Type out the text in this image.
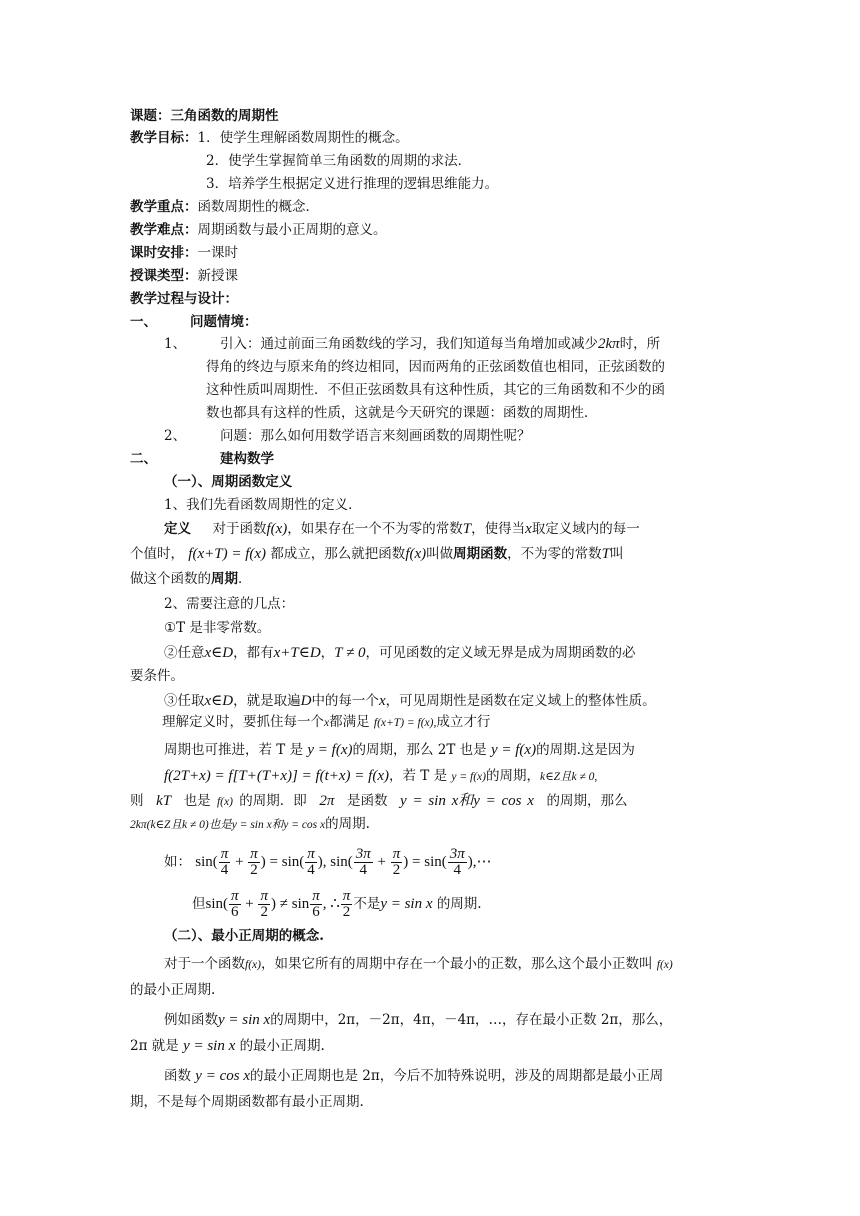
课题：三角函数的周期性
教学目标：1．使学生理解函数周期性的概念。
2．使学生掌握简单三角函数的周期的求法．
3．培养学生根据定义进行推理的逻辑思维能力。
教学重点：函数周期性的概念．
教学难点：周期函数与最小正周期的意义。
课时安排：一课时
授课类型：新授课
教学过程与设计：
一、 问题情境：
1、	引入：通过前面三角函数线的学习，我们知道每当角增加或减少2kπ时，所
得角的终边与原来角的终边相同，因而两角的正弦函数值也相同，正弦函数的
这种性质叫周期性．不但正弦函数具有这种性质，其它的三角函数和不少的函
数也都具有这样的性质，这就是今天研究的课题：函数的周期性．
2、	问题：那么如何用数学语言来刻画函数的周期性呢？
二、	建构数学
（一）、周期函数定义
1、我们先看函数周期性的定义．
定义 对于函数f(x)，如果存在一个不为零的常数T，使得当x取定义域内的每一
个值时， f(x+T) = f(x) 都成立，那么就把函数f(x)叫做周期函数，不为零的常数T叫
做这个函数的周期．
2、需要注意的几点：
①T 是非零常数。
②任意x∈D，都有x+T∈D，T ≠ 0，可见函数的定义域无界是成为周期函数的必
要条件。
③任取x∈D，就是取遍D中的每一个x，可见周期性是函数在定义域上的整体性质。
理解定义时，要抓住每一个x都满足 f(x+T) = f(x),成立才行
周期也可推进，若 T 是 y = f(x)的周期，那么 2T 也是 y = f(x)的周期.这是因为
f(2T+x) = f[T+(T+x)] = f(t+x) = f(x)，若 T 是 y = f(x)的周期，k∈Z且k ≠ 0,
则 kT 也是 f(x) 的周期．即 2π 是函数 y = sin x和y = cos x 的周期，那么
2kπ(k∈Z且k ≠ 0)也是y = sin x和y = cos x的周期.
如： $\sin( \frac{\pi}{4} + \frac{\pi}{2}$ ) = $\sin( \frac{\pi}{4}$ ), $\sin( \frac{3\pi}{4} + \frac{\pi}{2}$ ) = $\sin( \frac{3\pi}{4}$ ),⋯
但$\sin( \frac{\pi}{6} + \frac{\pi}{2}$ ) ≠ $\sin \frac{\pi}{6}$ , ∴ $\frac{\pi}{2}$ 不是y = sin x 的周期.
（二）、最小正周期的概念.
对于一个函数f(x)，如果它所有的周期中存在一个最小的正数，那么这个最小正数叫 f(x)
的最小正周期.
例如函数y = sin x的周期中，2π，－2π，4π，－4π，…，存在最小正数 2π，那么，
2π 就是 y = sin x 的最小正周期.
函数 y = cos x的最小正周期也是 2π，今后不加特殊说明，涉及的周期都是最小正周
期，不是每个周期函数都有最小正周期.
